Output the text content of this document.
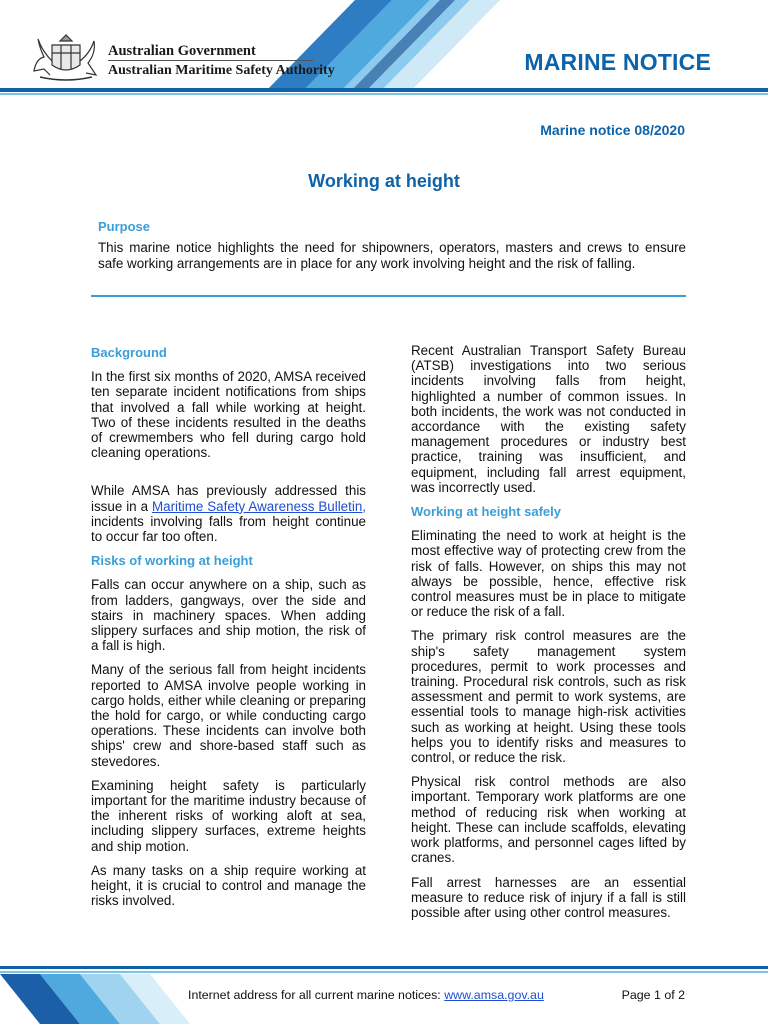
Australian Government
Australian Maritime Safety Authority	MARINE NOTICE
Marine notice 08/2020
Working at height
Purpose

This marine notice highlights the need for shipowners, operators, masters and crews to ensure safe working arrangements are in place for any work involving height and the risk of falling.

Background

In the first six months of 2020, AMSA received ten separate incident notifications from ships that involved a fall while working at height. Two of these incidents resulted in the deaths of crewmembers who fell during cargo hold cleaning operations.

While AMSA has previously addressed this issue in a Maritime Safety Awareness Bulletin, incidents involving falls from height continue to occur far too often.

Risks of working at height

Falls can occur anywhere on a ship, such as from ladders, gangways, over the side and stairs in machinery spaces. When adding slippery surfaces and ship motion, the risk of a fall is high.

Many of the serious fall from height incidents reported to AMSA involve people working in cargo holds, either while cleaning or preparing the hold for cargo, or while conducting cargo operations. These incidents can involve both ships' crew and shore-based staff such as stevedores.

Examining height safety is particularly important for the maritime industry because of the inherent risks of working aloft at sea, including slippery surfaces, extreme heights and ship motion.

As many tasks on a ship require working at height, it is crucial to control and manage the risks involved.

Recent Australian Transport Safety Bureau (ATSB) investigations into two serious incidents involving falls from height, highlighted a number of common issues. In both incidents, the work was not conducted in accordance with the existing safety management procedures or industry best practice, training was insufficient, and equipment, including fall arrest equipment, was incorrectly used.

Working at height safely

Eliminating the need to work at height is the most effective way of protecting crew from the risk of falls. However, on ships this may not always be possible, hence, effective risk control measures must be in place to mitigate or reduce the risk of a fall.

The primary risk control measures are the ship's safety management system procedures, permit to work processes and training. Procedural risk controls, such as risk assessment and permit to work systems, are essential tools to manage high-risk activities such as working at height. Using these tools helps you to identify risks and measures to control, or reduce the risk.

Physical risk control methods are also important. Temporary work platforms are one method of reducing risk when working at height. These can include scaffolds, elevating work platforms, and personnel cages lifted by cranes.

Fall arrest harnesses are an essential measure to reduce risk of injury if a fall is still possible after using other control measures.

Internet address for all current marine notices: www.amsa.gov.au	Page 1 of 2
